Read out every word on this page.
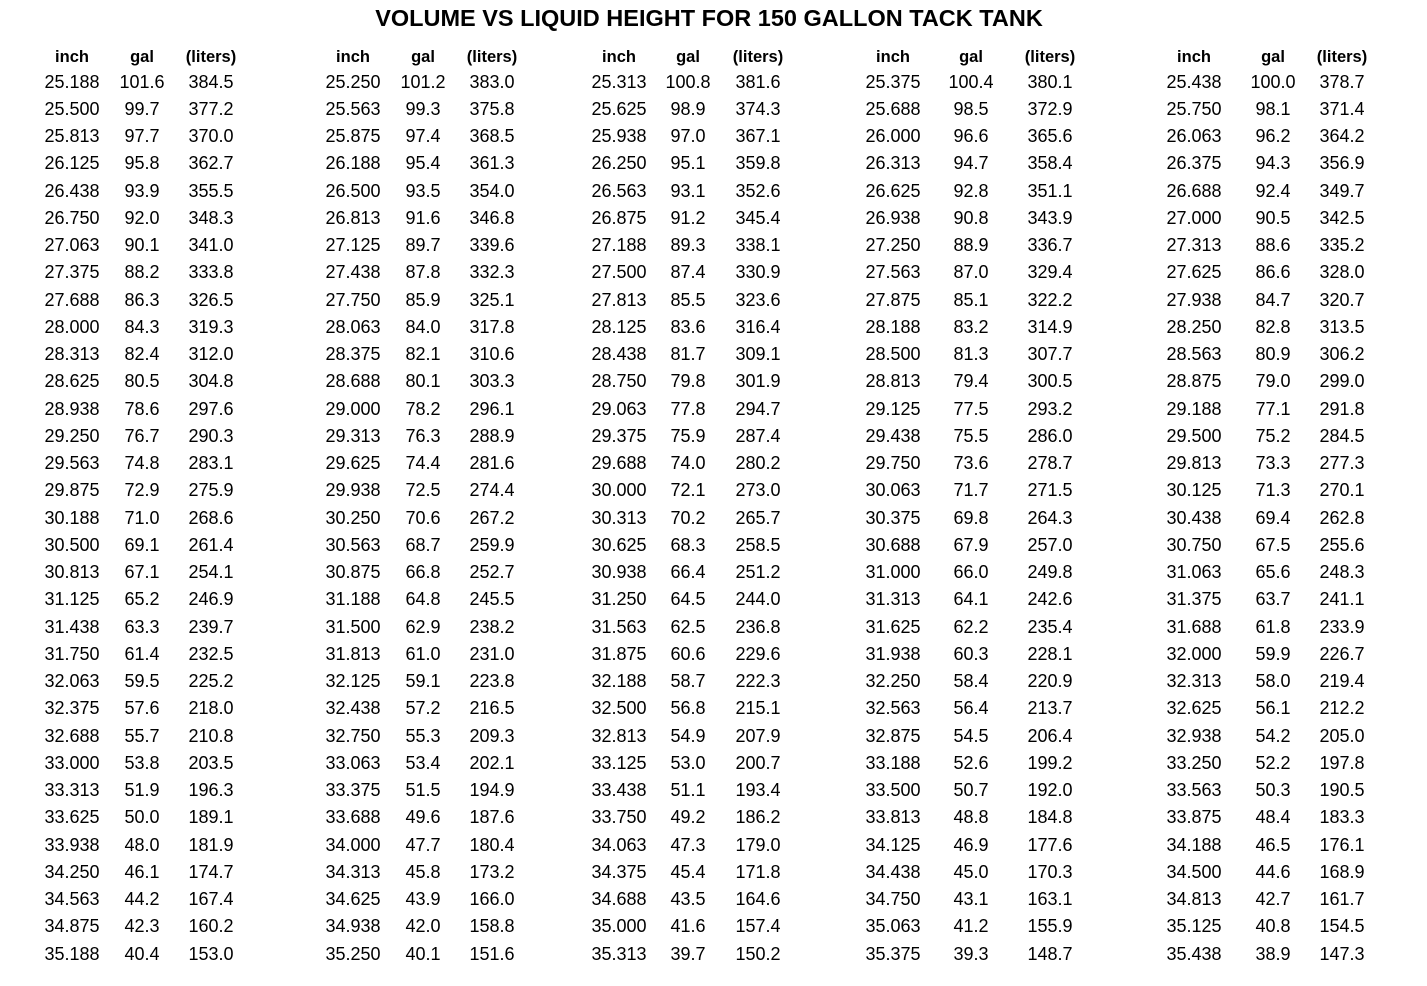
VOLUME VS LIQUID HEIGHT FOR 150 GALLON TACK TANK
inch gal (liters)
25.188 101.6 384.5
25.500 99.7 377.2
25.813 97.7 370.0
26.125 95.8 362.7
26.438 93.9 355.5
26.750 92.0 348.3
27.063 90.1 341.0
27.375 88.2 333.8
27.688 86.3 326.5
28.000 84.3 319.3
28.313 82.4 312.0
28.625 80.5 304.8
28.938 78.6 297.6
29.250 76.7 290.3
29.563 74.8 283.1
29.875 72.9 275.9
30.188 71.0 268.6
30.500 69.1 261.4
30.813 67.1 254.1
31.125 65.2 246.9
31.438 63.3 239.7
31.750 61.4 232.5
32.063 59.5 225.2
32.375 57.6 218.0
32.688 55.7 210.8
33.000 53.8 203.5
33.313 51.9 196.3
33.625 50.0 189.1
33.938 48.0 181.9
34.250 46.1 174.7
34.563 44.2 167.4
34.875 42.3 160.2
35.188 40.4 153.0
inch gal (liters)
25.250 101.2 383.0
25.563 99.3 375.8
25.875 97.4 368.5
26.188 95.4 361.3
26.500 93.5 354.0
26.813 91.6 346.8
27.125 89.7 339.6
27.438 87.8 332.3
27.750 85.9 325.1
28.063 84.0 317.8
28.375 82.1 310.6
28.688 80.1 303.3
29.000 78.2 296.1
29.313 76.3 288.9
29.625 74.4 281.6
29.938 72.5 274.4
30.250 70.6 267.2
30.563 68.7 259.9
30.875 66.8 252.7
31.188 64.8 245.5
31.500 62.9 238.2
31.813 61.0 231.0
32.125 59.1 223.8
32.438 57.2 216.5
32.750 55.3 209.3
33.063 53.4 202.1
33.375 51.5 194.9
33.688 49.6 187.6
34.000 47.7 180.4
34.313 45.8 173.2
34.625 43.9 166.0
34.938 42.0 158.8
35.250 40.1 151.6
inch gal (liters)
25.313 100.8 381.6
25.625 98.9 374.3
25.938 97.0 367.1
26.250 95.1 359.8
26.563 93.1 352.6
26.875 91.2 345.4
27.188 89.3 338.1
27.500 87.4 330.9
27.813 85.5 323.6
28.125 83.6 316.4
28.438 81.7 309.1
28.750 79.8 301.9
29.063 77.8 294.7
29.375 75.9 287.4
29.688 74.0 280.2
30.000 72.1 273.0
30.313 70.2 265.7
30.625 68.3 258.5
30.938 66.4 251.2
31.250 64.5 244.0
31.563 62.5 236.8
31.875 60.6 229.6
32.188 58.7 222.3
32.500 56.8 215.1
32.813 54.9 207.9
33.125 53.0 200.7
33.438 51.1 193.4
33.750 49.2 186.2
34.063 47.3 179.0
34.375 45.4 171.8
34.688 43.5 164.6
35.000 41.6 157.4
35.313 39.7 150.2
inch	gal	(liters)
25.375 100.4 380.1
25.688 98.5 372.9
26.000 96.6 365.6
26.313 94.7 358.4
26.625 92.8 351.1
26.938 90.8 343.9
27.250 88.9 336.7
27.563 87.0 329.4
27.875 85.1 322.2
28.188 83.2 314.9
28.500 81.3 307.7
28.813 79.4 300.5
29.125 77.5 293.2
29.438 75.5 286.0
29.750 73.6 278.7
30.063 71.7 271.5
30.375 69.8 264.3
30.688 67.9 257.0
31.000 66.0 249.8
31.313 64.1 242.6
31.625 62.2 235.4
31.938 60.3 228.1
32.250 58.4 220.9
32.563 56.4 213.7
32.875 54.5 206.4
33.188 52.6 199.2
33.500 50.7 192.0
33.813 48.8 184.8
34.125 46.9 177.6
34.438 45.0 170.3
34.750 43.1 163.1
35.063 41.2 155.9
35.375 39.3 148.7
inch	gal (liters)
25.438 100.0 378.7
25.750 98.1 371.4
26.063 96.2 364.2
26.375 94.3 356.9
26.688 92.4 349.7
27.000 90.5 342.5
27.313 88.6 335.2
27.625 86.6 328.0
27.938 84.7 320.7
28.250 82.8 313.5
28.563 80.9 306.2
28.875 79.0 299.0
29.188 77.1 291.8
29.500 75.2 284.5
29.813 73.3 277.3
30.125 71.3 270.1
30.438 69.4 262.8
30.750 67.5 255.6
31.063 65.6 248.3
31.375 63.7 241.1
31.688 61.8 233.9
32.000 59.9 226.7
32.313 58.0 219.4
32.625 56.1 212.2
32.938 54.2 205.0
33.250 52.2 197.8
33.563 50.3 190.5
33.875 48.4 183.3
34.188 46.5 176.1
34.500 44.6 168.9
34.813 42.7 161.7
35.125 40.8 154.5
35.438 38.9 147.3
